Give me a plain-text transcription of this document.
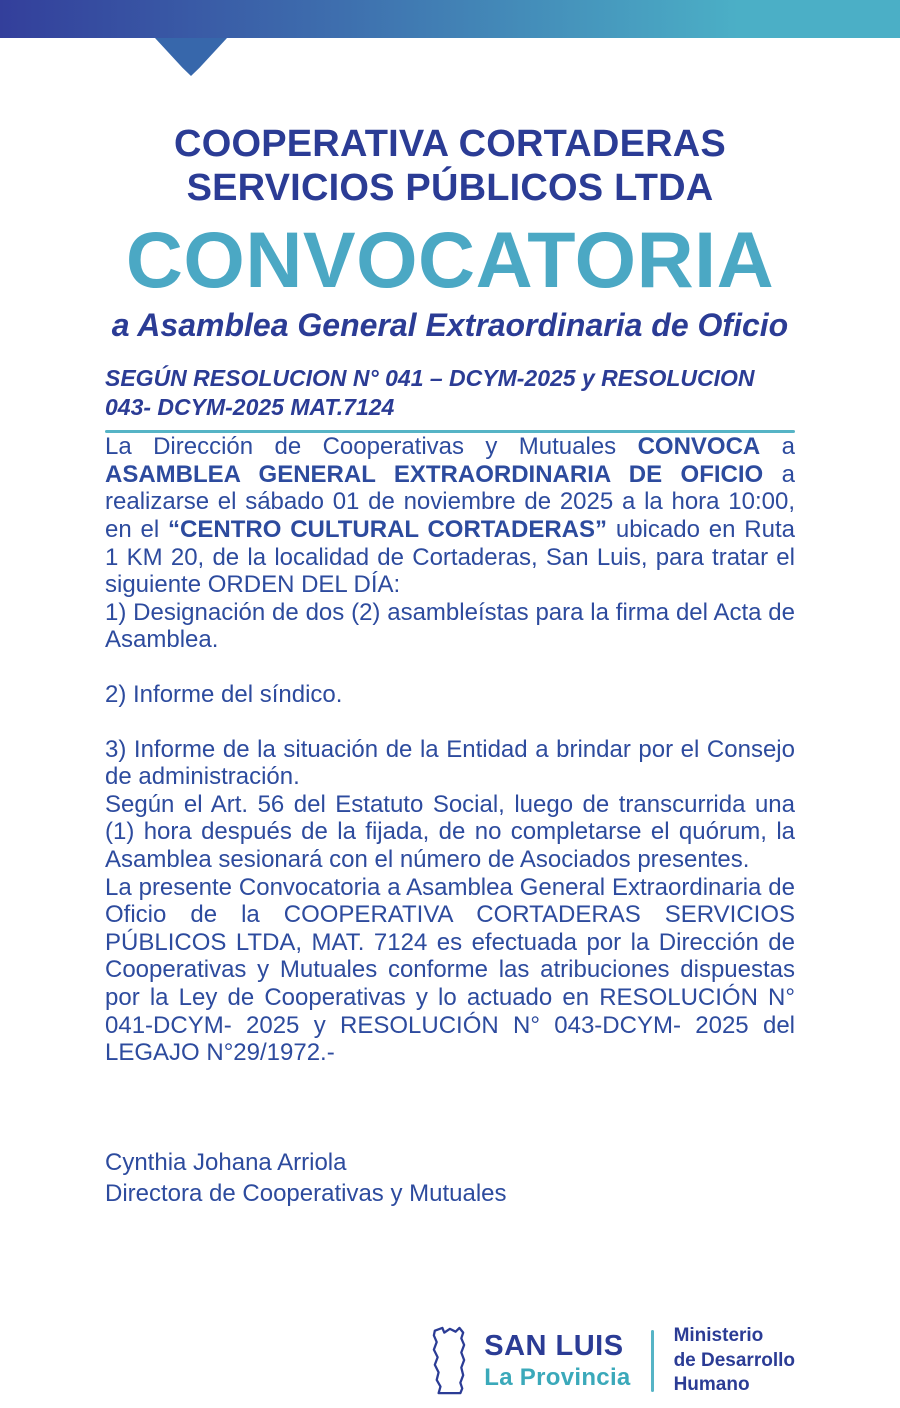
COOPERATIVA CORTADERAS
SERVICIOS PÚBLICOS LTDA
CONVOCATORIA
a Asamblea General Extraordinaria de Oficio
SEGÚN RESOLUCION N° 041 – DCYM-2025 y RESOLUCION 043- DCYM-2025 MAT.7124

La Dirección de Cooperativas y Mutuales CONVOCA a ASAMBLEA GENERAL EXTRAORDINARIA DE OFICIO a realizarse el sábado 01 de noviembre de 2025 a la hora 10:00, en el “CENTRO CULTURAL CORTADERAS” ubicado en Ruta 1 KM 20, de la localidad de Cortaderas, San Luis, para tratar el siguiente ORDEN DEL DÍA:

1) Designación de dos (2) asambleístas para la firma del Acta de Asamblea.

2) Informe del síndico.

3) Informe de la situación de la Entidad a brindar por el Consejo de administración.

Según el Art. 56 del Estatuto Social, luego de transcurrida una (1) hora después de la fijada, de no completarse el quórum, la Asamblea sesionará con el número de Asociados presentes.

La presente Convocatoria a Asamblea General Extraordinaria de Oficio de la COOPERATIVA CORTADERAS SERVICIOS PÚBLICOS LTDA, MAT. 7124 es efectuada por la Dirección de Cooperativas y Mutuales conforme las atribuciones dispuestas por la Ley de Cooperativas y lo actuado en RESOLUCIÓN N° 041-DCYM- 2025 y RESOLUCIÓN N° 043-DCYM- 2025 del LEGAJO N°29/1972.-

Cynthia Johana Arriola
Directora de Cooperativas y Mutuales
SAN LUIS
La Provincia
Ministerio
de Desarrollo
Humano
